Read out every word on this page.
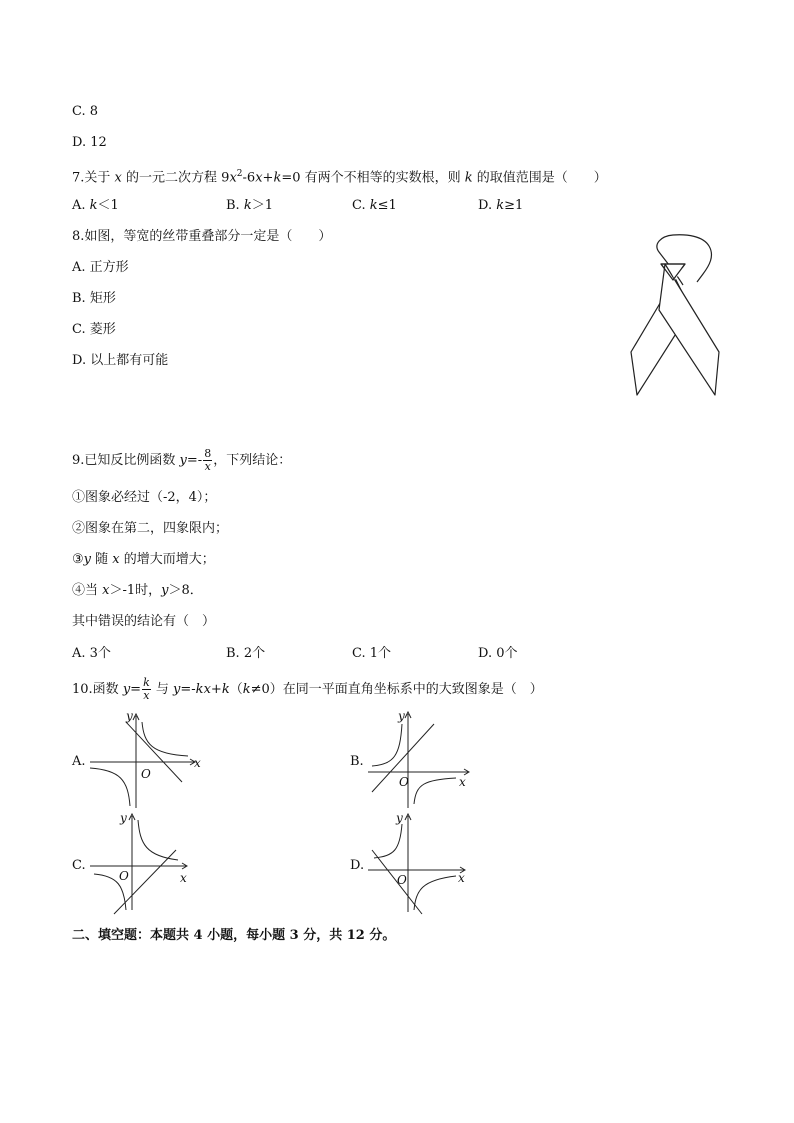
C. 8
D. 12
7.关于 x 的一元二次方程 $9x^2-6x+k=0$ 有两个不相等的实数根，则 k 的取值范围是（　　）
A. k＜1	B. k＞1	C. k≤1	D. k≥1
8.如图，等宽的丝带重叠部分一定是（　　）
A. 正方形
B. 矩形
C. 菱形
D. 以上都有可能
9.已知反比例函数 $y=- \frac{8}{x}$ ，下列结论：
①图象必经过（-2，4）；
②图象在第二，四象限内；
③y 随 x 的增大而增大；
④当 x＞-1时，y＞8．
其中错误的结论有（　）
A. 3个	B. 2个	C. 1个	D. 0个
10.函数 $y= \frac{k}{x}$ 与 y=-kx+k（k≠0）在同一平面直角坐标系中的大致图象是（　）
A.	B.
C.	D.
y
x
O
y
x
O
y
x
O
y
x
O
二、填空题：本题共 4 小题，每小题 3 分，共 12 分。
